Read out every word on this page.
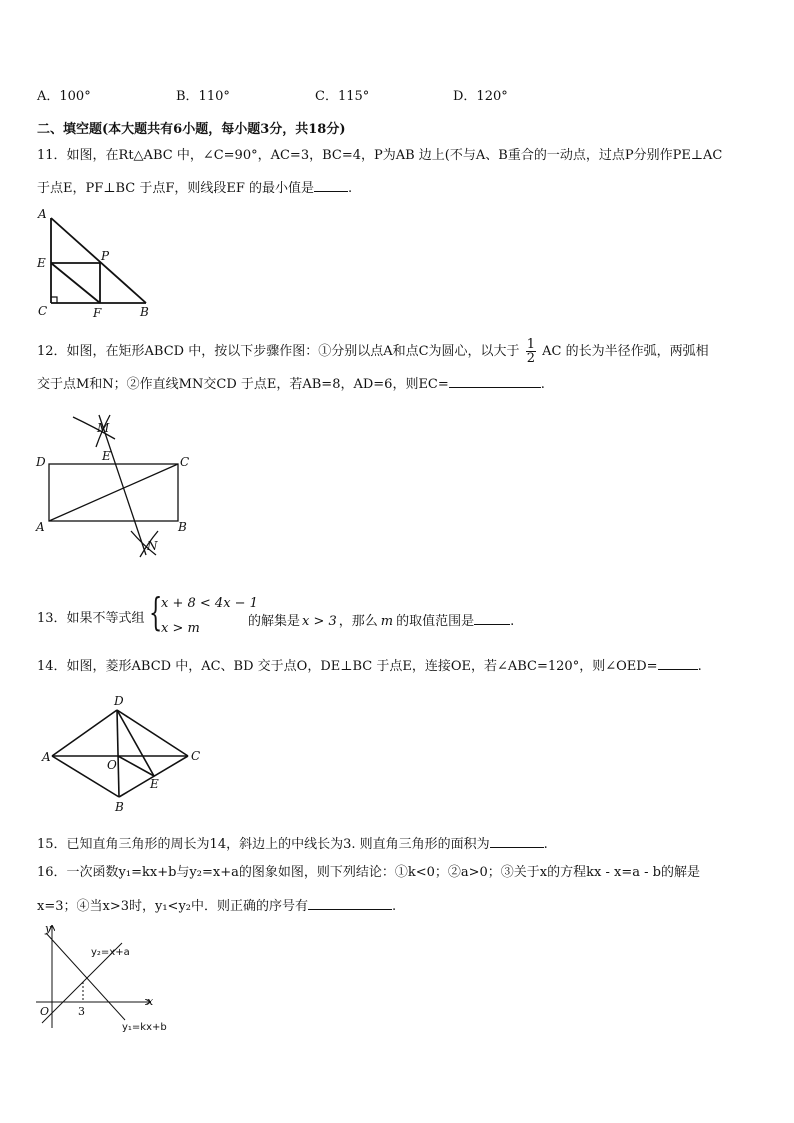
A．100°	B．110°	C．115°	D．120°
二、填空题(本大题共有6小题，每小题3分，共18分)
11．如图，在Rt△ABC 中，∠C=90°，AC=3，BC=4，P为AB 边上(不与A、B重合的一动点，过点P分别作PE⊥AC
于点E，PF⊥BC 于点F，则线段EF 的最小值是	.
A
E	P
C	F	B
12．如图，在矩形ABCD 中，按以下步骤作图：①分别以点A和点C为圆心，以大于 $\frac{1}{2}$ AC 的长为半径作弧，两弧相
交于点M和N；②作直线MN交CD 于点E，若AB=8，AD=6，则EC=	.
M
D	E	C
A	B
N
13．如果不等式组 {
x + 8 < 4x − 1
x > m	的解集是 x > 3 ，那么 m 的取值范围是	.
14．如图，菱形ABCD 中，AC、BD 交于点O，DE⊥BC 于点E，连接OE，若∠ABC=120°，则∠OED=	.
D
A
O
C
E
B
15．已知直角三角形的周长为14，斜边上的中线长为3. 则直角三角形的面积为	.
16．一次函数y₁=kx+b与y₂=x+a的图象如图，则下列结论：①k<0；②a>0；③关于x的方程kx - x=a - b的解是
x=3；④当x>3时，y₁<y₂中．则正确的序号有	.
y
x
O	3
y₂=x+a
y₁=kx+b
